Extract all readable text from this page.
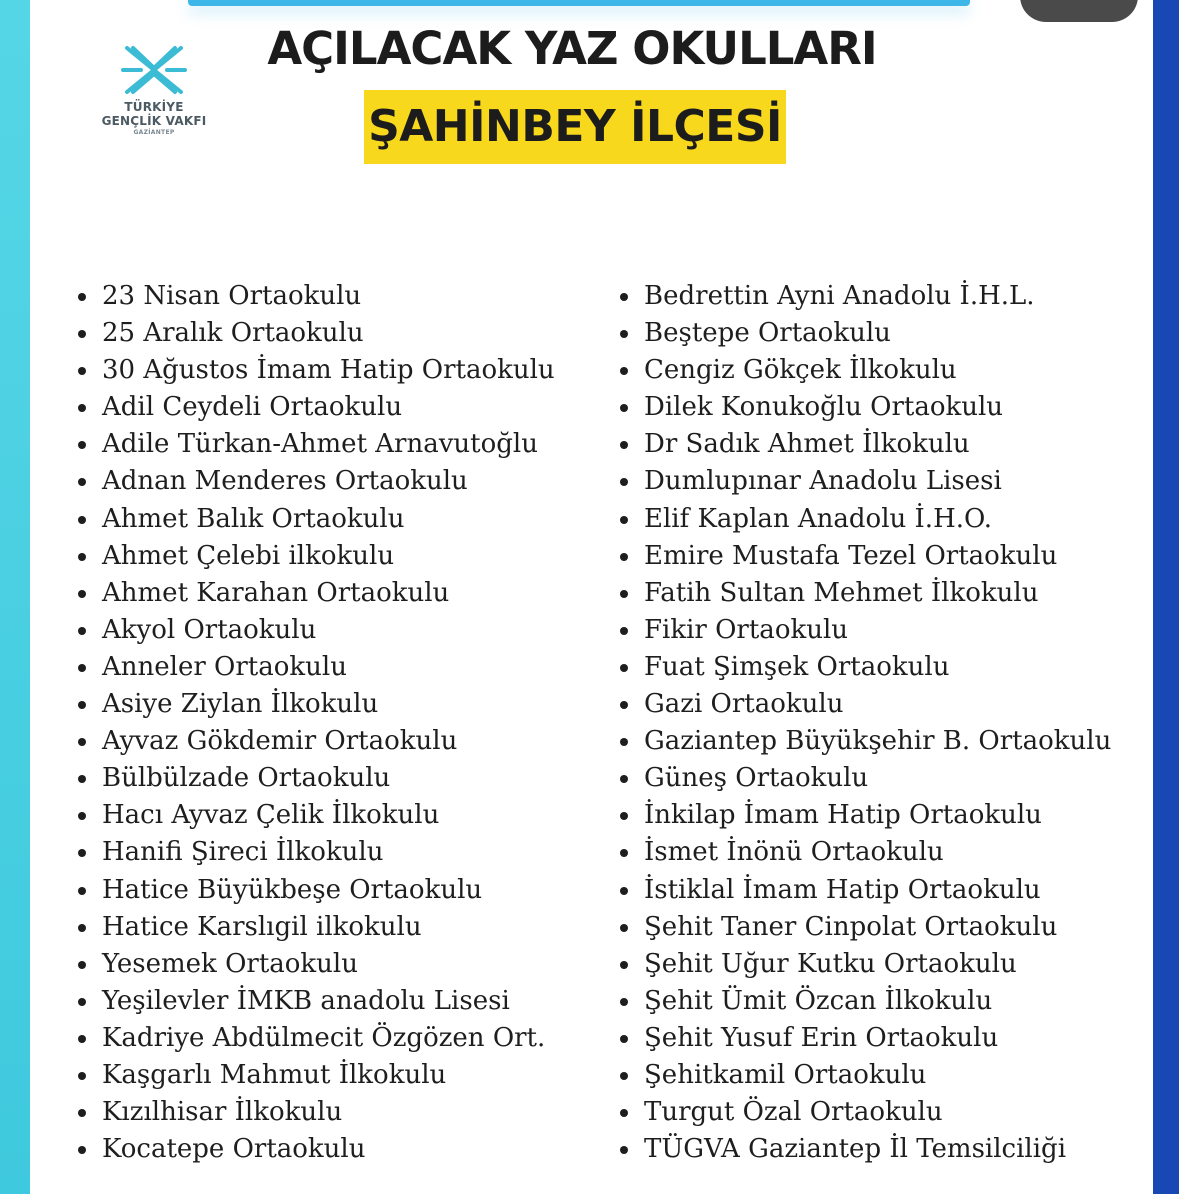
TÜRKİYE
GENÇLİK VAKFI
GAZİANTEP
AÇILACAK YAZ OKULLARI
ŞAHİNBEY İLÇESİ
23 Nisan Ortaokulu
25 Aralık Ortaokulu
30 Ağustos İmam Hatip Ortaokulu
Adil Ceydeli Ortaokulu
Adile Türkan-Ahmet Arnavutoğlu
Adnan Menderes Ortaokulu
Ahmet Balık Ortaokulu
Ahmet Çelebi ilkokulu
Ahmet Karahan Ortaokulu
Akyol Ortaokulu
Anneler Ortaokulu
Asiye Ziylan İlkokulu
Ayvaz Gökdemir Ortaokulu
Bülbülzade Ortaokulu
Hacı Ayvaz Çelik İlkokulu
Hanifi Şireci İlkokulu
Hatice Büyükbeşe Ortaokulu
Hatice Karslıgil ilkokulu
Yesemek Ortaokulu
Yeşilevler İMKB anadolu Lisesi
Kadriye Abdülmecit Özgözen Ort.
Kaşgarlı Mahmut İlkokulu
Kızılhisar İlkokulu
Kocatepe Ortaokulu
Bedrettin Ayni Anadolu İ.H.L.
Beştepe Ortaokulu
Cengiz Gökçek İlkokulu
Dilek Konukoğlu Ortaokulu
Dr Sadık Ahmet İlkokulu
Dumlupınar Anadolu Lisesi
Elif Kaplan Anadolu İ.H.O.
Emire Mustafa Tezel Ortaokulu
Fatih Sultan Mehmet İlkokulu
Fikir Ortaokulu
Fuat Şimşek Ortaokulu
Gazi Ortaokulu
Gaziantep Büyükşehir B. Ortaokulu
Güneş Ortaokulu
İnkilap İmam Hatip Ortaokulu
İsmet İnönü Ortaokulu
İstiklal İmam Hatip Ortaokulu
Şehit Taner Cinpolat Ortaokulu
Şehit Uğur Kutku Ortaokulu
Şehit Ümit Özcan İlkokulu
Şehit Yusuf Erin Ortaokulu
Şehitkamil Ortaokulu
Turgut Özal Ortaokulu
TÜGVA Gaziantep İl Temsilciliği
